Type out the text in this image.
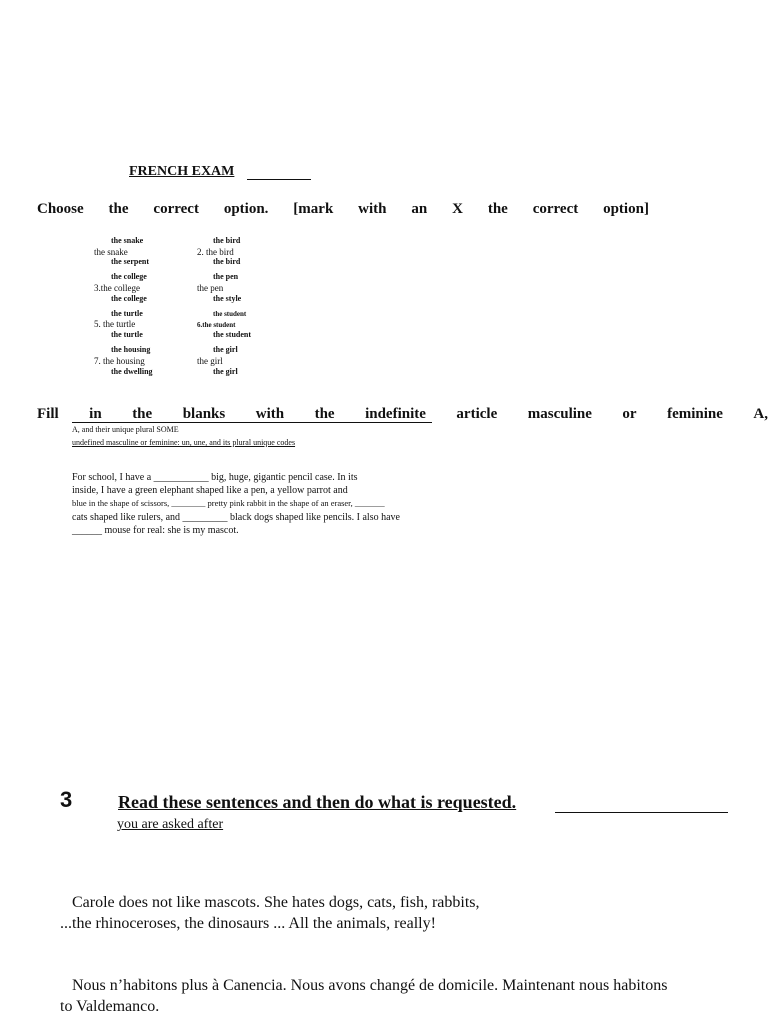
FRENCH EXAM
Choose the correct option. [mark with an X the correct option]
the snake
the snake
the serpent
the bird
2. the bird
the bird
the college
3.the college
the college
the pen
the pen
the style
the turtle
5. the turtle
the turtle
the student
6.the student
the student
the housing
7. the housing
the dwelling
the girl
the girl
the girl
Fill in the blanks with the indefinite article masculine or feminine A,
A, and their unique plural SOME
undefined masculine or feminine: un, une, and its plural unique codes
For school, I have a ___________ big, huge, gigantic pencil case. In its
inside, I have a green elephant shaped like a pen, a yellow parrot and
blue in the shape of scissors, ________ pretty pink rabbit in the shape of an eraser, _______
cats shaped like rulers, and _________ black dogs shaped like pencils. I also have
______ mouse for real: she is my mascot.
3	Read these sentences and then do what is requested.
you are asked after
Carole does not like mascots. She hates dogs, cats, fish, rabbits,
...the rhinoceroses, the dinosaurs ... All the animals, really!
Nous n’habitons plus à Canencia. Nous avons changé de domicile. Maintenant nous habitons
to Valdemanco.
